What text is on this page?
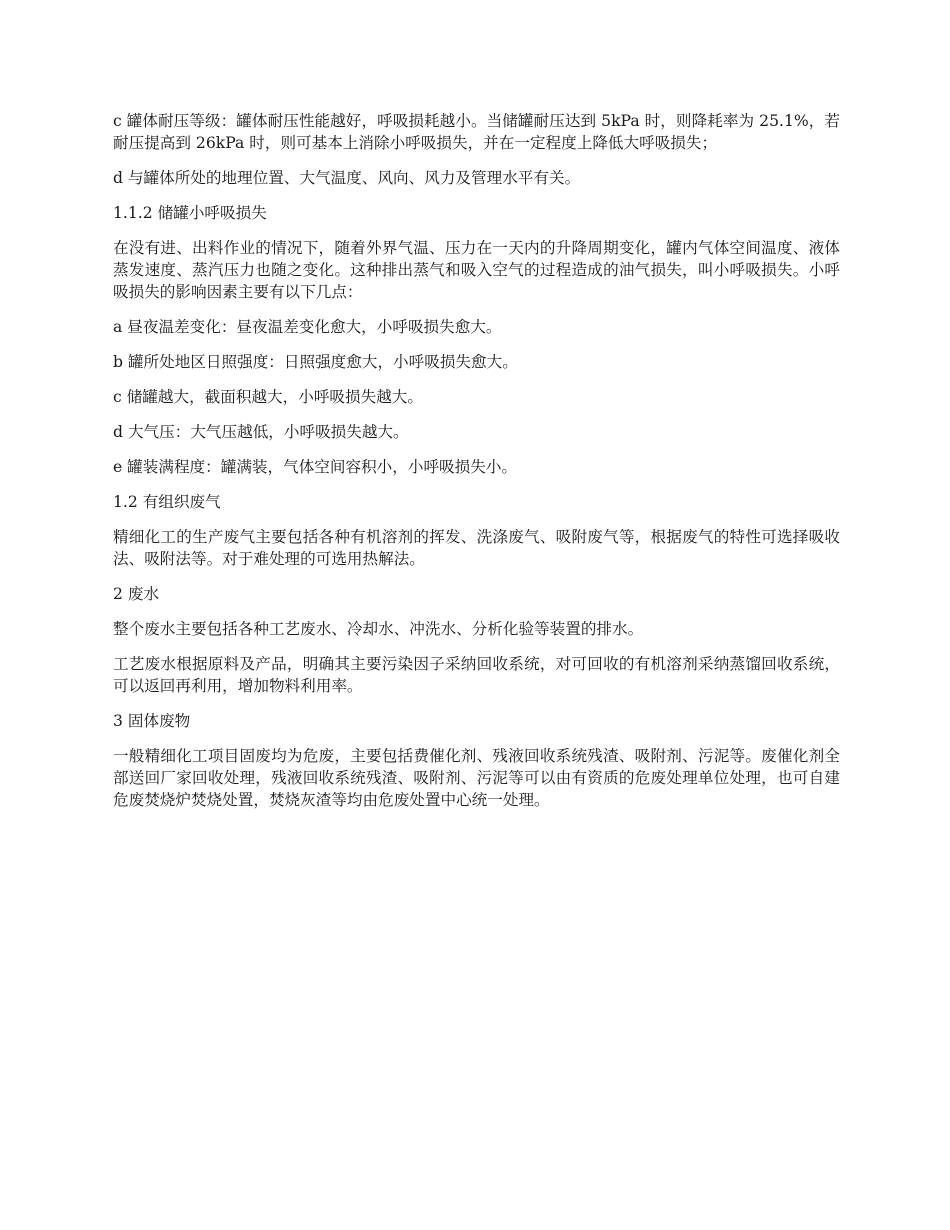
c 罐体耐压等级：罐体耐压性能越好，呼吸损耗越小。当储罐耐压达到 5kPa 时，则降耗率为 25.1%，若耐压提高到 26kPa 时，则可基本上消除小呼吸损失，并在一定程度上降低大呼吸损失；

d 与罐体所处的地理位置、大气温度、风向、风力及管理水平有关。

1.1.2 储罐小呼吸损失

在没有进、出料作业的情况下，随着外界气温、压力在一天内的升降周期变化，罐内气体空间温度、液体蒸发速度、蒸汽压力也随之变化。这种排出蒸气和吸入空气的过程造成的油气损失，叫小呼吸损失。小呼吸损失的影响因素主要有以下几点：

a 昼夜温差变化：昼夜温差变化愈大，小呼吸损失愈大。

b 罐所处地区日照强度：日照强度愈大，小呼吸损失愈大。

c 储罐越大，截面积越大，小呼吸损失越大。

d 大气压：大气压越低，小呼吸损失越大。

e 罐装满程度：罐满装，气体空间容积小，小呼吸损失小。

1.2 有组织废气

精细化工的生产废气主要包括各种有机溶剂的挥发、洗涤废气、吸附废气等，根据废气的特性可选择吸收法、吸附法等。对于难处理的可选用热解法。

2 废水

整个废水主要包括各种工艺废水、冷却水、冲洗水、分析化验等装置的排水。

工艺废水根据原料及产品，明确其主要污染因子采纳回收系统，对可回收的有机溶剂采纳蒸馏回收系统，可以返回再利用，增加物料利用率。

3 固体废物

一般精细化工项目固废均为危废，主要包括费催化剂、残液回收系统残渣、吸附剂、污泥等。废催化剂全部送回厂家回收处理，残液回收系统残渣、吸附剂、污泥等可以由有资质的危废处理单位处理，也可自建危废焚烧炉焚烧处置，焚烧灰渣等均由危废处置中心统一处理。
